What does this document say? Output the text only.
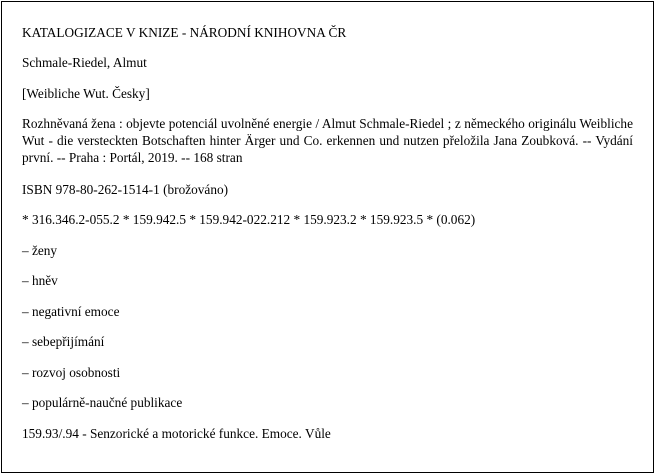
KATALOGIZACE V KNIZE - NÁRODNÍ KNIHOVNA ČR

Schmale-Riedel, Almut

[Weibliche Wut. Česky]

Rozhněvaná žena : objevte potenciál uvolněné energie / Almut Schmale-Riedel ; z německého originálu Weibliche Wut - die versteckten Botschaften hinter Ärger und Co. erkennen und nutzen přeložila Jana Zoubková. -- Vydání první. -- Praha : Portál, 2019. -- 168 stran

ISBN 978-80-262-1514-1 (brožováno)

* 316.346.2-055.2 * 159.942.5 * 159.942-022.212 * 159.923.2 * 159.923.5 * (0.062)

– ženy

– hněv

– negativní emoce

– sebepřijímání

– rozvoj osobnosti

– populárně-naučné publikace

159.93/.94 - Senzorické a motorické funkce. Emoce. Vůle
